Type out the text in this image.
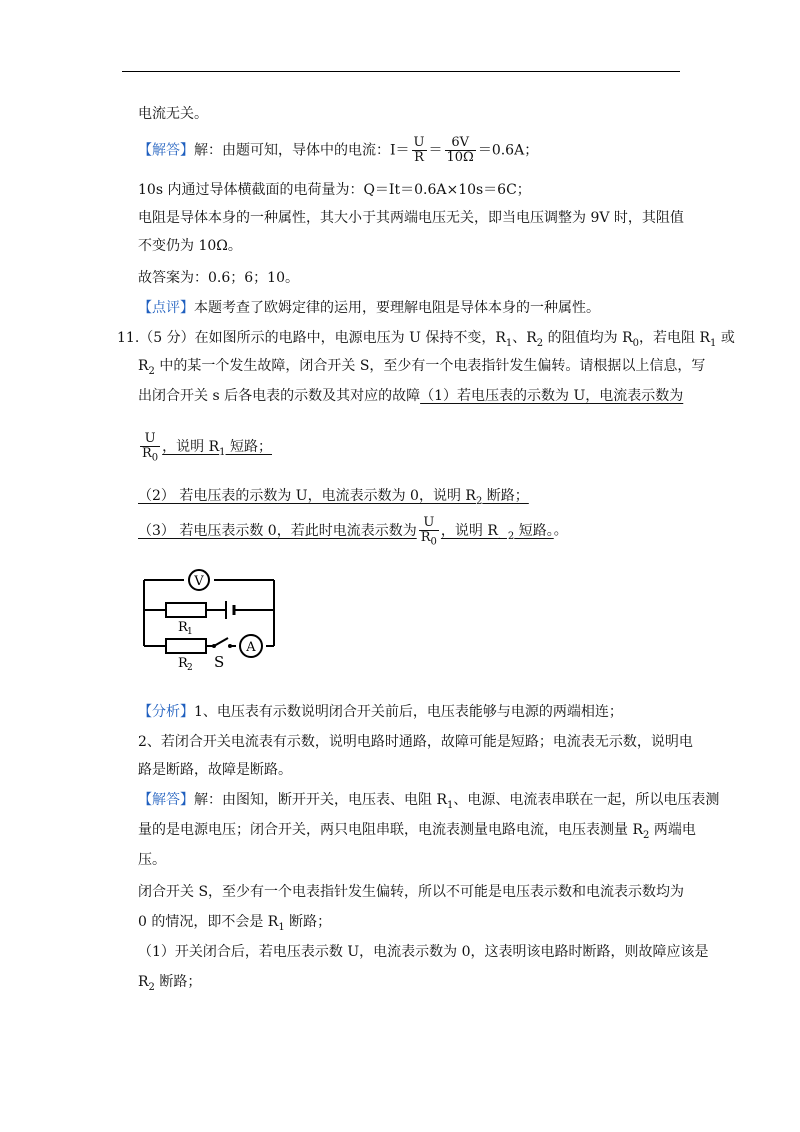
电流无关。
【解答】解：由题可知，导体中的电流：$I= \frac{U}{R} = \frac{6V}{10\Omega} =0.6A$；
10s 内通过导体横截面的电荷量为：Q＝It＝0.6A×10s＝6C；
电阻是导体本身的一种属性，其大小于其两端电压无关，即当电压调整为 9V 时，其阻值
不变仍为 10Ω。
故答案为：0.6；6；10。
【点评】本题考查了欧姆定律的运用，要理解电阻是导体本身的一种属性。
11.（5 分）在如图所示的电路中，电源电压为 U 保持不变，$R_1$、$R_2$ 的阻值均为 $R_0$，若电阻 $R_1$ 或
$R_2$ 中的某一个发生故障，闭合开关 S，至少有一个电表指针发生偏转。请根据以上信息，写
出闭合开关 s 后各电表的示数及其对应的故障（1）若电压表的示数为 U，电流表示数为
$\frac{U}{R_0}$ ，说明 $R_1$ 短路；
（2） 若电压表的示数为 U，电流表示数为 0，说明 $R_2$ 断路；
（3） 若电压表示数 0，若此时电流表示数为 $\frac{U}{R_0}$ ，说明 $R_{.2}$ 短路。。
V
A
R 1
R 2 S
【分析】1、电压表有示数说明闭合开关前后，电压表能够与电源的两端相连；
2、若闭合开关电流表有示数，说明电路时通路，故障可能是短路；电流表无示数，说明电
路是断路，故障是断路。
【解答】解：由图知，断开开关，电压表、电阻 $R_1$、电源、电流表串联在一起，所以电压表测
量的是电源电压；闭合开关，两只电阻串联，电流表测量电路电流，电压表测量 $R_2$ 两端电
压。
闭合开关 S，至少有一个电表指针发生偏转，所以不可能是电压表示数和电流表示数均为
0 的情况，即不会是 $R_1$ 断路；
（1）开关闭合后，若电压表示数 U，电流表示数为 0，这表明该电路时断路，则故障应该是
$R_2$ 断路；
